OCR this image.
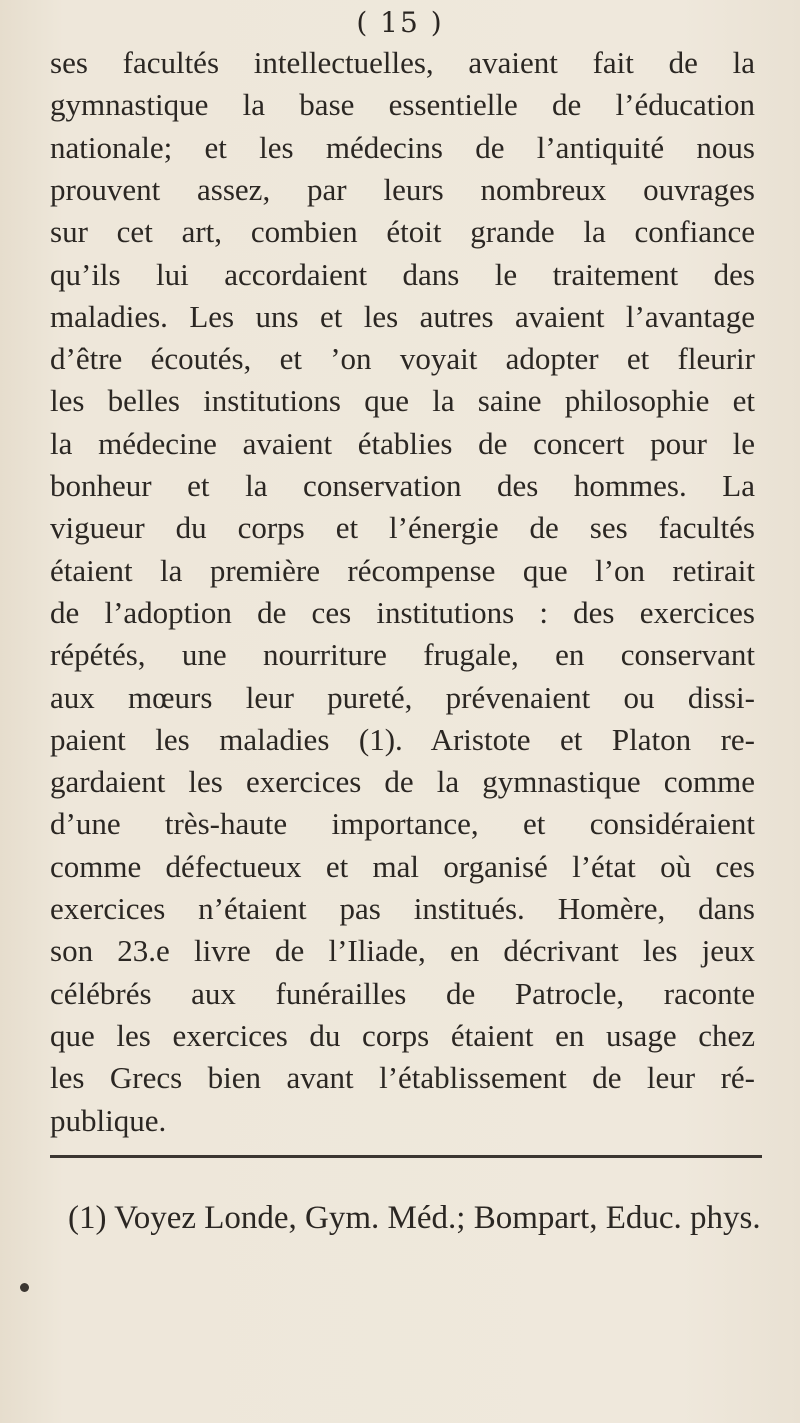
( 15 )
ses facultés intellectuelles, avaient fait de la
gymnastique la base essentielle de l’éducation
nationale; et les médecins de l’antiquité nous
prouvent assez, par leurs nombreux ouvrages
sur cet art, combien étoit grande la confiance
qu’ils lui accordaient dans le traitement des
maladies. Les uns et les autres avaient l’avantage
d’être écoutés, et ’on voyait adopter et fleurir
les belles institutions que la saine philosophie et
la médecine avaient établies de concert pour le
bonheur et la conservation des hommes. La
vigueur du corps et l’énergie de ses facultés
étaient la première récompense que l’on retirait
de l’adoption de ces institutions : des exercices
répétés, une nourriture frugale, en conservant
aux mœurs leur pureté, prévenaient ou dissi-
paient les maladies (1). Aristote et Platon re-
gardaient les exercices de la gymnastique comme
d’une très-haute importance, et considéraient
comme défectueux et mal organisé l’état où ces
exercices n’étaient pas institués. Homère, dans
son 23.e livre de l’Iliade, en décrivant les jeux
célébrés aux funérailles de Patrocle, raconte
que les exercices du corps étaient en usage chez
les Grecs bien avant l’établissement de leur ré-
publique.
(1) Voyez Londe, Gym. Méd.; Bompart, Educ. phys.
